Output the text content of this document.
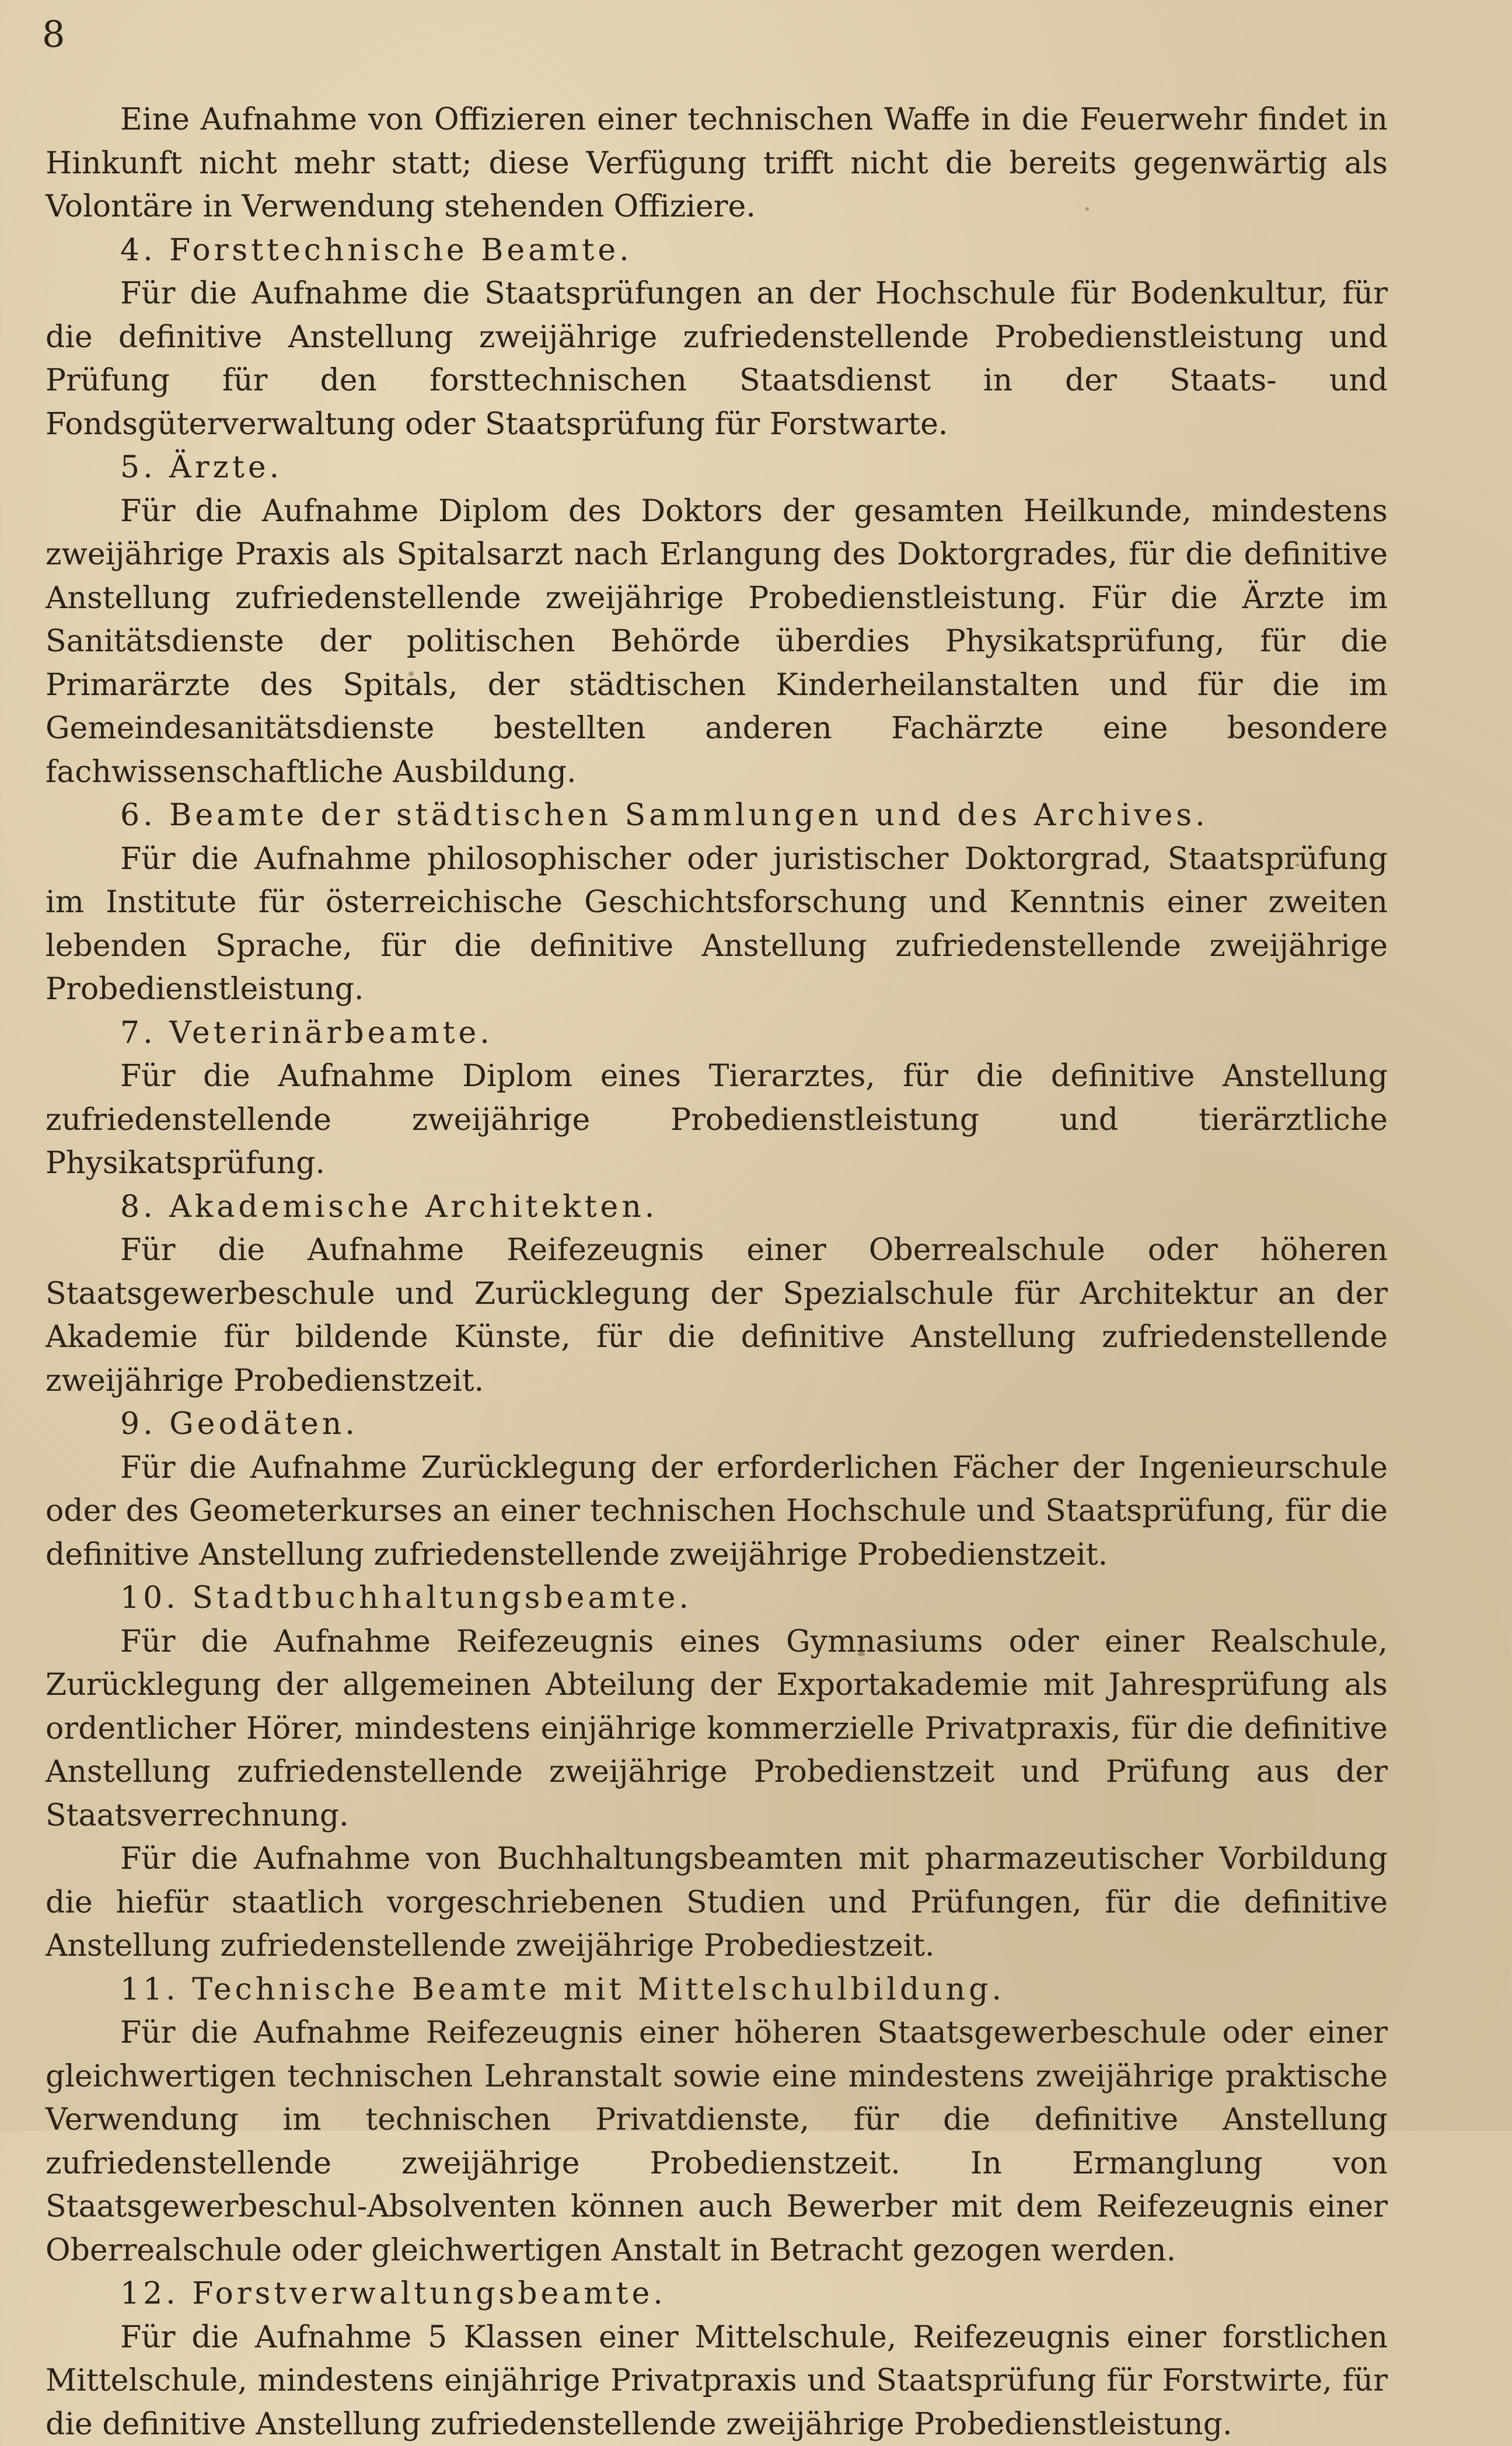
8

Eine Aufnahme von Offizieren einer technischen Waffe in die Feuerwehr findet in Hinkunft nicht mehr statt; diese Verfügung trifft nicht die bereits gegenwärtig als Volontäre in Verwendung stehenden Offiziere.

4. Forsttechnische Beamte.

Für die Aufnahme die Staatsprüfungen an der Hochschule für Bodenkultur, für die definitive Anstellung zweijährige zufriedenstellende Probedienstleistung und Prüfung für den forsttechnischen Staatsdienst in der Staats- und Fondsgüterverwaltung oder Staatsprüfung für Forstwarte.

5. Ärzte.

Für die Aufnahme Diplom des Doktors der gesamten Heilkunde, mindestens zweijährige Praxis als Spitalsarzt nach Erlangung des Doktorgrades, für die definitive Anstellung zufriedenstellende zweijährige Probedienstleistung. Für die Ärzte im Sanitätsdienste der politischen Behörde überdies Physikatsprüfung, für die Primarärzte des Spitals, der städtischen Kinderheilanstalten und für die im Gemeindesanitätsdienste bestellten anderen Fachärzte eine besondere fachwissenschaftliche Ausbildung.

6. Beamte der städtischen Sammlungen und des Archives.

Für die Aufnahme philosophischer oder juristischer Doktorgrad, Staatsprüfung im Institute für österreichische Geschichtsforschung und Kenntnis einer zweiten lebenden Sprache, für die definitive Anstellung zufriedenstellende zweijährige Probedienstleistung.

7. Veterinärbeamte.

Für die Aufnahme Diplom eines Tierarztes, für die definitive Anstellung zufriedenstellende zweijährige Probedienstleistung und tierärztliche Physikatsprüfung.

8. Akademische Architekten.

Für die Aufnahme Reifezeugnis einer Oberrealschule oder höheren Staatsgewerbeschule und Zurücklegung der Spezialschule für Architektur an der Akademie für bildende Künste, für die definitive Anstellung zufriedenstellende zweijährige Probedienstzeit.

9. Geodäten.

Für die Aufnahme Zurücklegung der erforderlichen Fächer der Ingenieurschule oder des Geometerkurses an einer technischen Hochschule und Staatsprüfung, für die definitive Anstellung zufriedenstellende zweijährige Probedienstzeit.

10. Stadtbuchhaltungsbeamte.

Für die Aufnahme Reifezeugnis eines Gymnasiums oder einer Realschule, Zurücklegung der allgemeinen Abteilung der Exportakademie mit Jahresprüfung als ordentlicher Hörer, mindestens einjährige kommerzielle Privatpraxis, für die definitive Anstellung zufriedenstellende zweijährige Probedienstzeit und Prüfung aus der Staatsverrechnung.

Für die Aufnahme von Buchhaltungsbeamten mit pharmazeutischer Vorbildung die hiefür staatlich vorgeschriebenen Studien und Prüfungen, für die definitive Anstellung zufriedenstellende zweijährige Probediestzeit.

11. Technische Beamte mit Mittelschulbildung.

Für die Aufnahme Reifezeugnis einer höheren Staatsgewerbeschule oder einer gleichwertigen technischen Lehranstalt sowie eine mindestens zweijährige praktische Verwendung im technischen Privatdienste, für die definitive Anstellung zufriedenstellende zweijährige Probedienstzeit. In Ermanglung von Staatsgewerbeschul-Absolventen können auch Bewerber mit dem Reifezeugnis einer Oberrealschule oder gleichwertigen Anstalt in Betracht gezogen werden.

12. Forstverwaltungsbeamte.

Für die Aufnahme 5 Klassen einer Mittelschule, Reifezeugnis einer forstlichen Mittelschule, mindestens einjährige Privatpraxis und Staatsprüfung für Forstwirte, für die definitive Anstellung zufriedenstellende zweijährige Probedienstleistung.
